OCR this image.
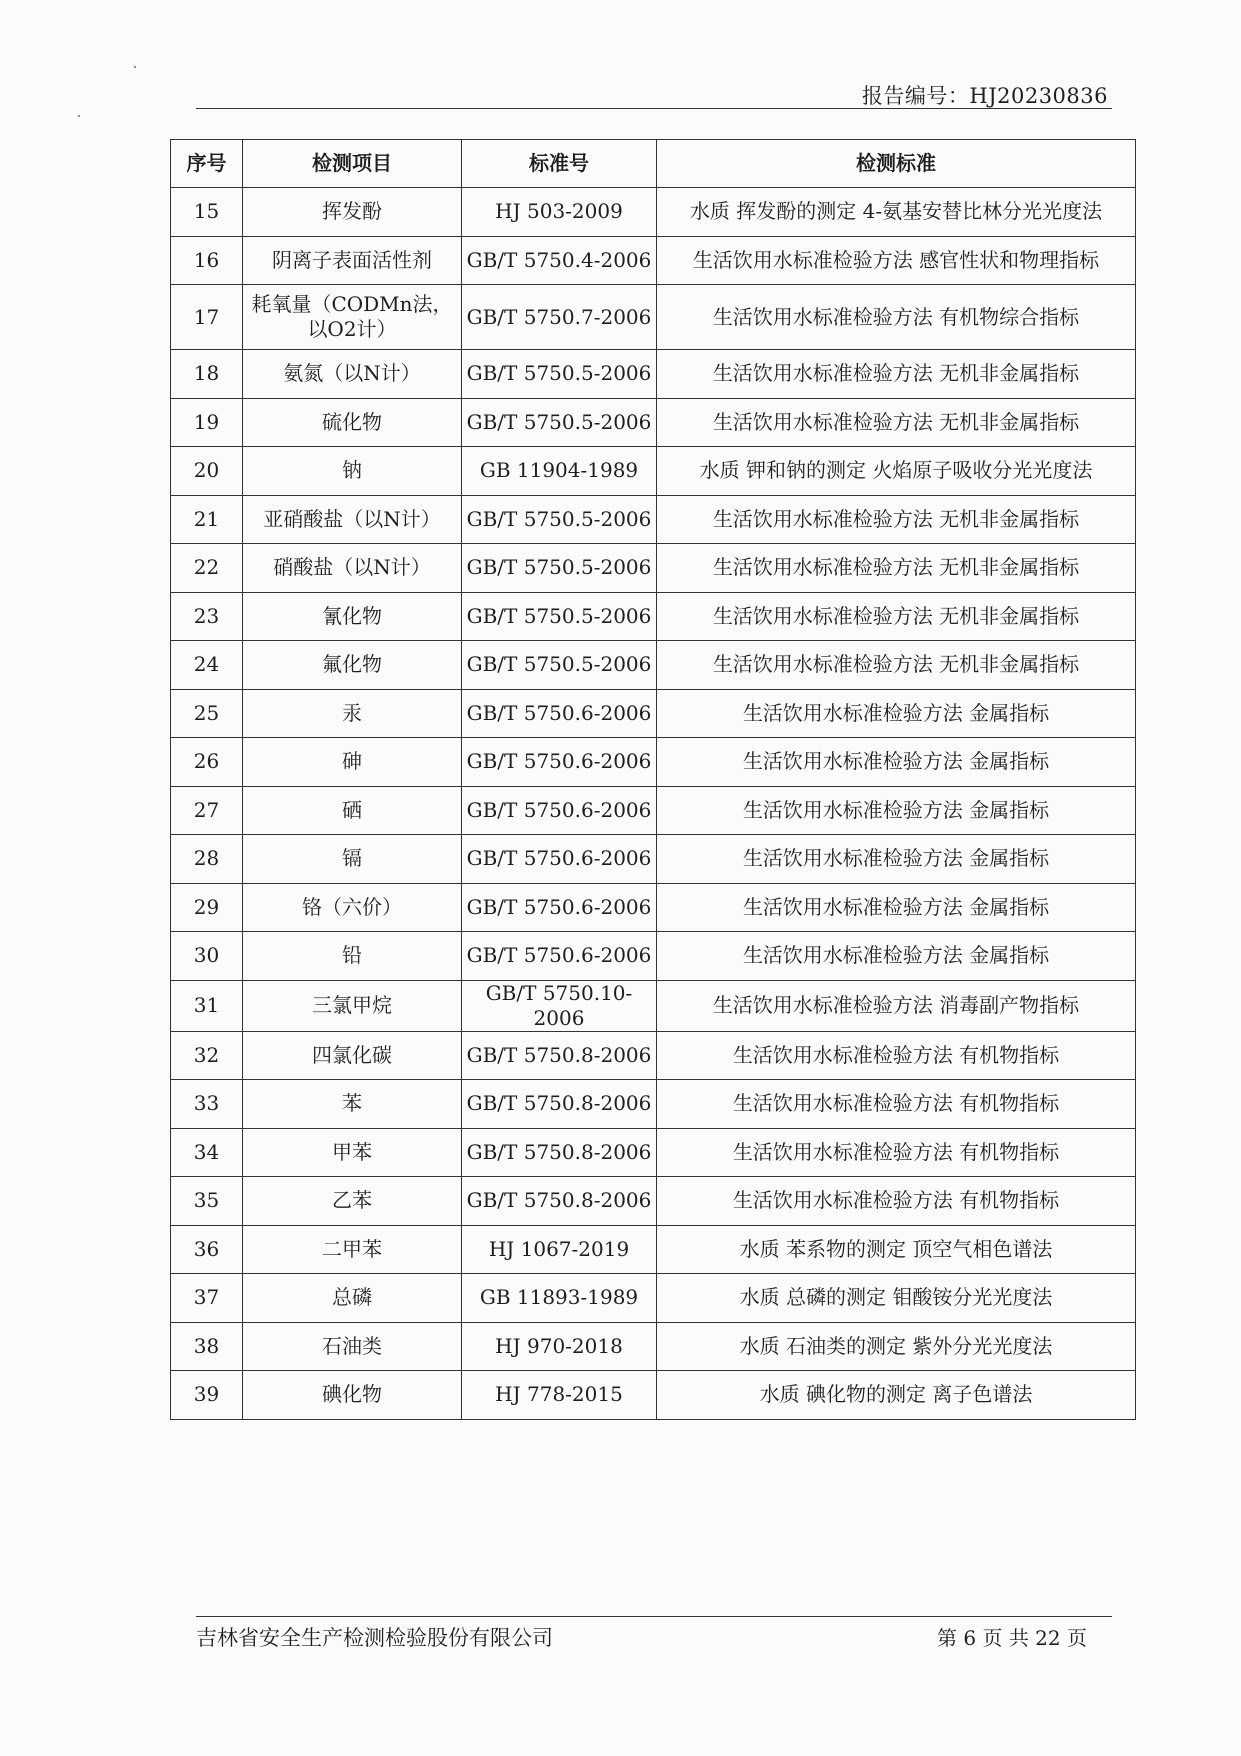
报告编号：HJ20230836
序号	检测项目	标准号	检测标准
15	挥发酚	HJ 503-2009	水质 挥发酚的测定 4-氨基安替比林分光光度法
16	阴离子表面活性剂	GB/T 5750.4-2006	生活饮用水标准检验方法 感官性状和物理指标
17	耗氧量（CODMn法，以O2计）	GB/T 5750.7-2006	生活饮用水标准检验方法 有机物综合指标
18	氨氮（以N计）	GB/T 5750.5-2006	生活饮用水标准检验方法 无机非金属指标
19	硫化物	GB/T 5750.5-2006	生活饮用水标准检验方法 无机非金属指标
20	钠	GB 11904-1989	水质 钾和钠的测定 火焰原子吸收分光光度法
21	亚硝酸盐（以N计）	GB/T 5750.5-2006	生活饮用水标准检验方法 无机非金属指标
22	硝酸盐（以N计）	GB/T 5750.5-2006	生活饮用水标准检验方法 无机非金属指标
23	氰化物	GB/T 5750.5-2006	生活饮用水标准检验方法 无机非金属指标
24	氟化物	GB/T 5750.5-2006	生活饮用水标准检验方法 无机非金属指标
25	汞	GB/T 5750.6-2006	生活饮用水标准检验方法 金属指标
26	砷	GB/T 5750.6-2006	生活饮用水标准检验方法 金属指标
27	硒	GB/T 5750.6-2006	生活饮用水标准检验方法 金属指标
28	镉	GB/T 5750.6-2006	生活饮用水标准检验方法 金属指标
29	铬（六价）	GB/T 5750.6-2006	生活饮用水标准检验方法 金属指标
30	铅	GB/T 5750.6-2006	生活饮用水标准检验方法 金属指标
31	三氯甲烷	GB/T 5750.10-2006	生活饮用水标准检验方法 消毒副产物指标
32	四氯化碳	GB/T 5750.8-2006	生活饮用水标准检验方法 有机物指标
33	苯	GB/T 5750.8-2006	生活饮用水标准检验方法 有机物指标
34	甲苯	GB/T 5750.8-2006	生活饮用水标准检验方法 有机物指标
35	乙苯	GB/T 5750.8-2006	生活饮用水标准检验方法 有机物指标
36	二甲苯	HJ 1067-2019	水质 苯系物的测定 顶空气相色谱法
37	总磷	GB 11893-1989	水质 总磷的测定 钼酸铵分光光度法
38	石油类	HJ 970-2018	水质 石油类的测定 紫外分光光度法
39	碘化物	HJ 778-2015	水质 碘化物的测定 离子色谱法
吉林省安全生产检测检验股份有限公司	第 6 页 共 22 页
